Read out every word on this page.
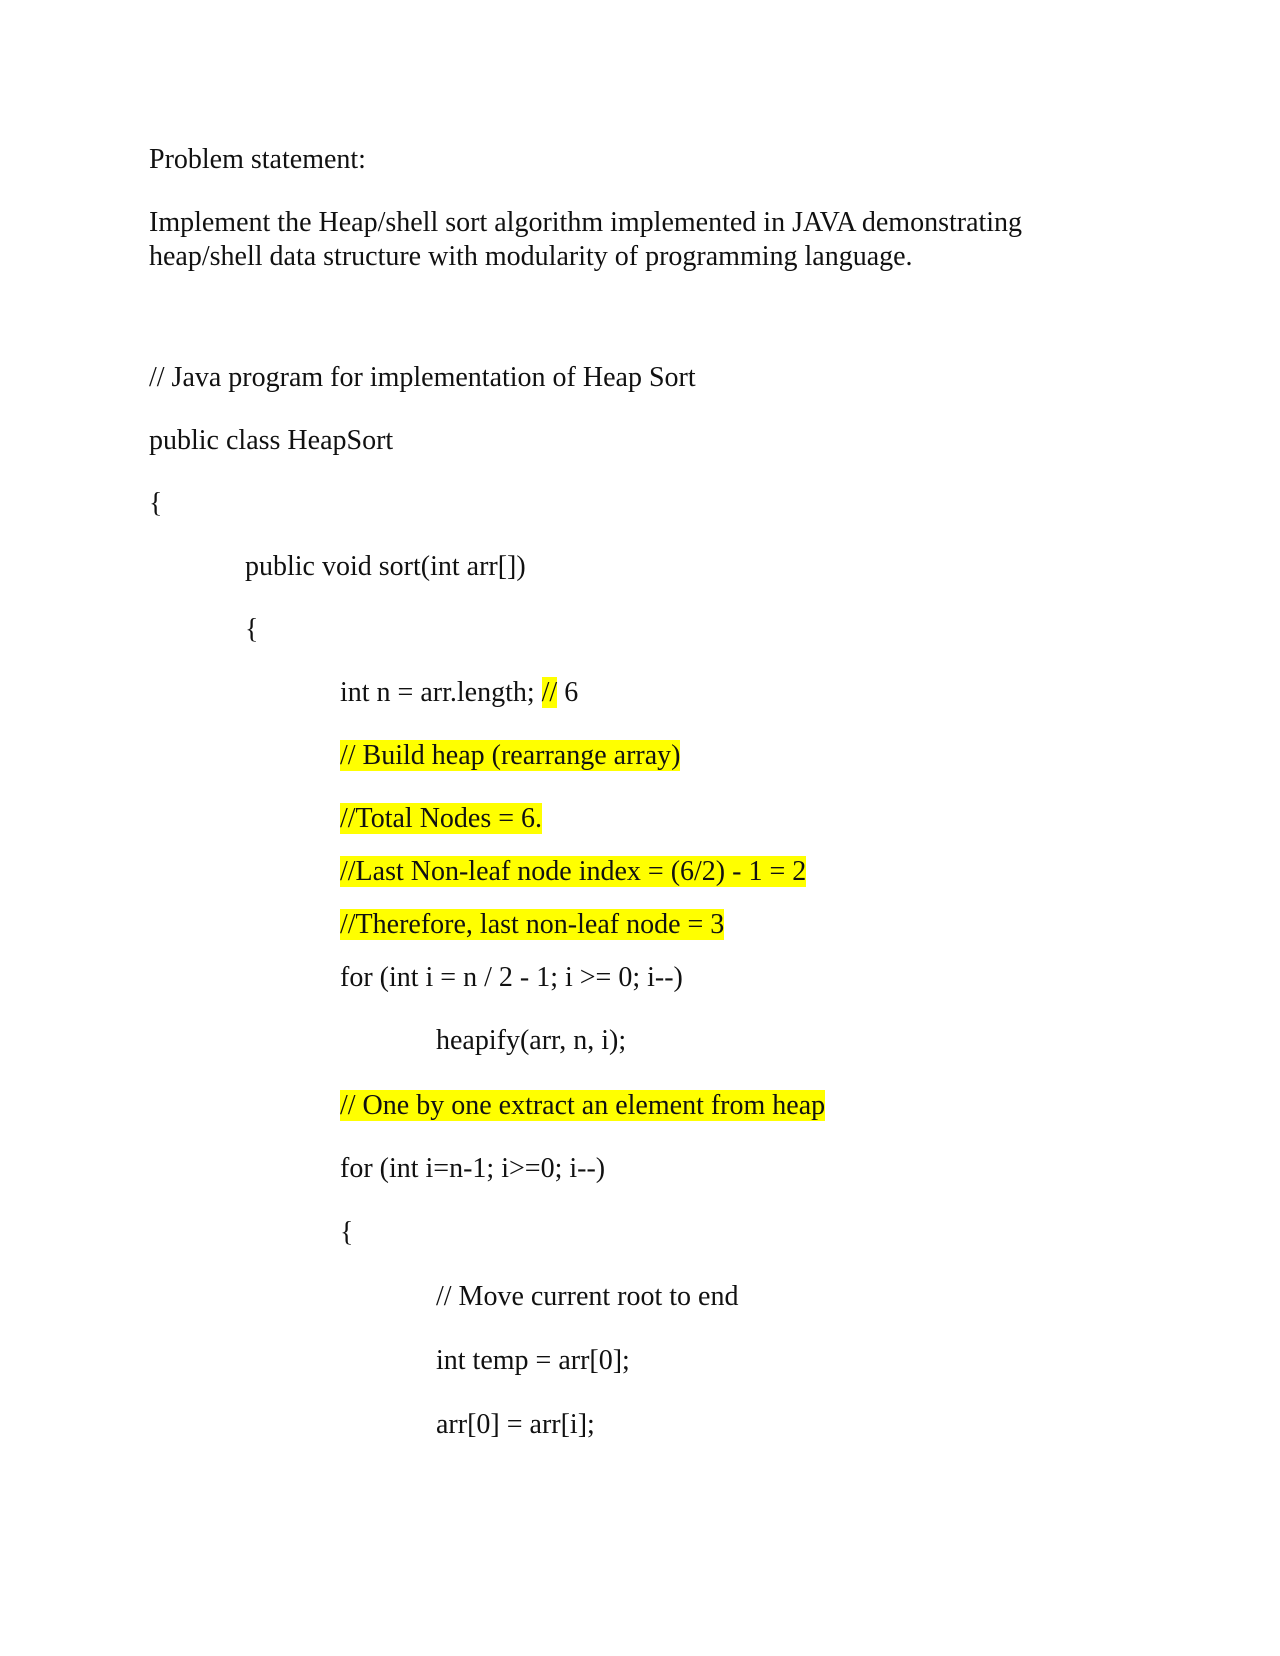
Problem statement:
Implement the Heap/shell sort algorithm implemented in JAVA demonstrating
heap/shell data structure with modularity of programming language.
// Java program for implementation of Heap Sort
public class HeapSort
{
public void sort(int arr[])
{
int n = arr.length; // 6
// Build heap (rearrange array)
//Total Nodes = 6.
//Last Non-leaf node index = (6/2) - 1 = 2
//Therefore, last non-leaf node = 3
for (int i = n / 2 - 1; i >= 0; i--)
heapify(arr, n, i);
// One by one extract an element from heap
for (int i=n-1; i>=0; i--)
{
// Move current root to end
int temp = arr[0];
arr[0] = arr[i];
